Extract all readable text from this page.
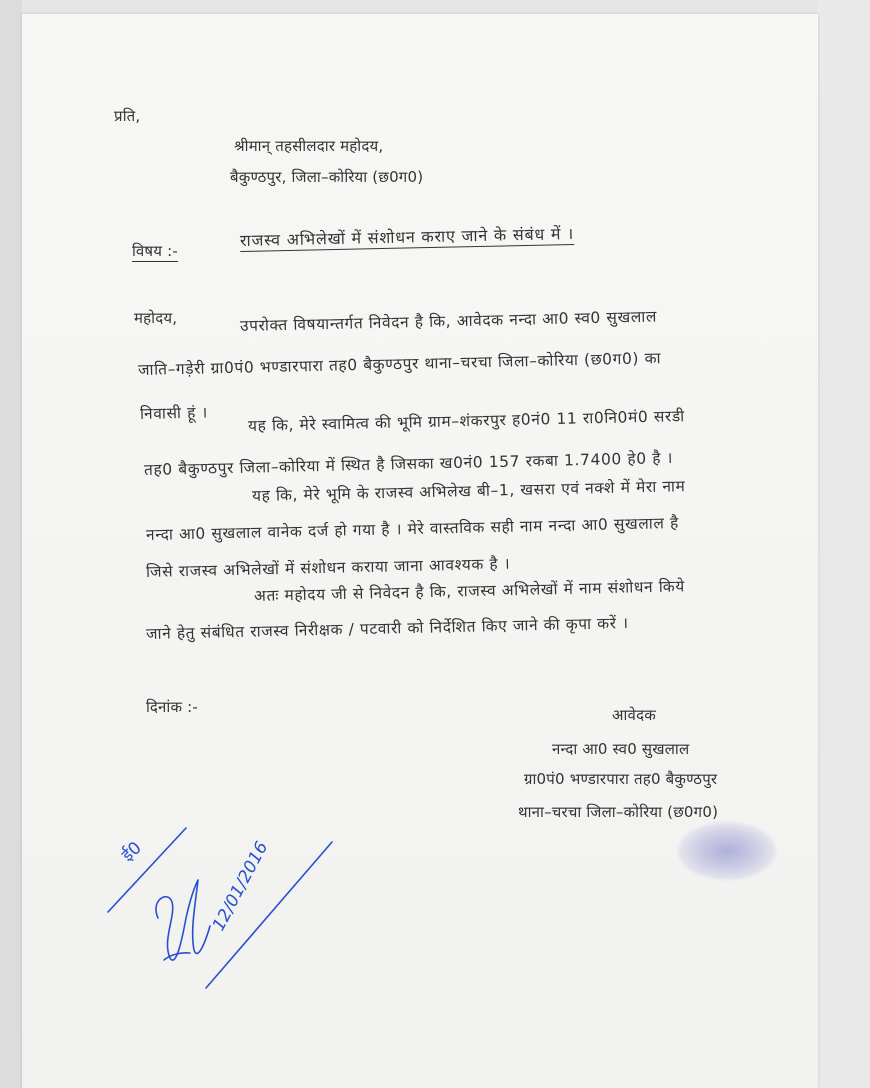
प्रति,
श्रीमान् तहसीलदार महोदय,
बैकुण्ठपुर, जिला–कोरिया (छ0ग0)
विषय :-
राजस्व अभिलेखों में संशोधन कराए जाने के संबंध में ।
महोदय,	उपरोक्त विषयान्तर्गत निवेदन है कि, आवेदक नन्दा आ0 स्व0 सुखलाल
जाति–गड़ेरी ग्रा0पं0 भण्डारपारा तह0 बैकुण्ठपुर थाना–चरचा जिला–कोरिया (छ0ग0) का
निवासी हूं ।	यह कि, मेरे स्वामित्व की भूमि ग्राम–शंकरपुर ह0नं0 11 रा0नि0मं0 सरडी
तह0 बैकुण्ठपुर जिला–कोरिया में स्थित है जिसका ख0नं0 157 रकबा 1.7400 हे0 है ।
यह कि, मेरे भूमि के राजस्व अभिलेख बी–1, खसरा एवं नक्शे में मेरा नाम
नन्दा आ0 सुखलाल वानेक दर्ज हो गया है । मेरे वास्तविक सही नाम नन्दा आ0 सुखलाल है
जिसे राजस्व अभिलेखों में संशोधन कराया जाना आवश्यक है ।
अतः महोदय जी से निवेदन है कि, राजस्व अभिलेखों में नाम संशोधन किये
जाने हेतु संबंधित राजस्व निरीक्षक / पटवारी को निर्देशित किए जाने की कृपा करें ।
दिनांक :-	आवेदक
नन्दा आ0 स्व0 सुखलाल
ग्रा0पं0 भण्डारपारा तह0 बैकुण्ठपुर
थाना–चरचा जिला–कोरिया (छ0ग0)
ई0	12/01/2016
